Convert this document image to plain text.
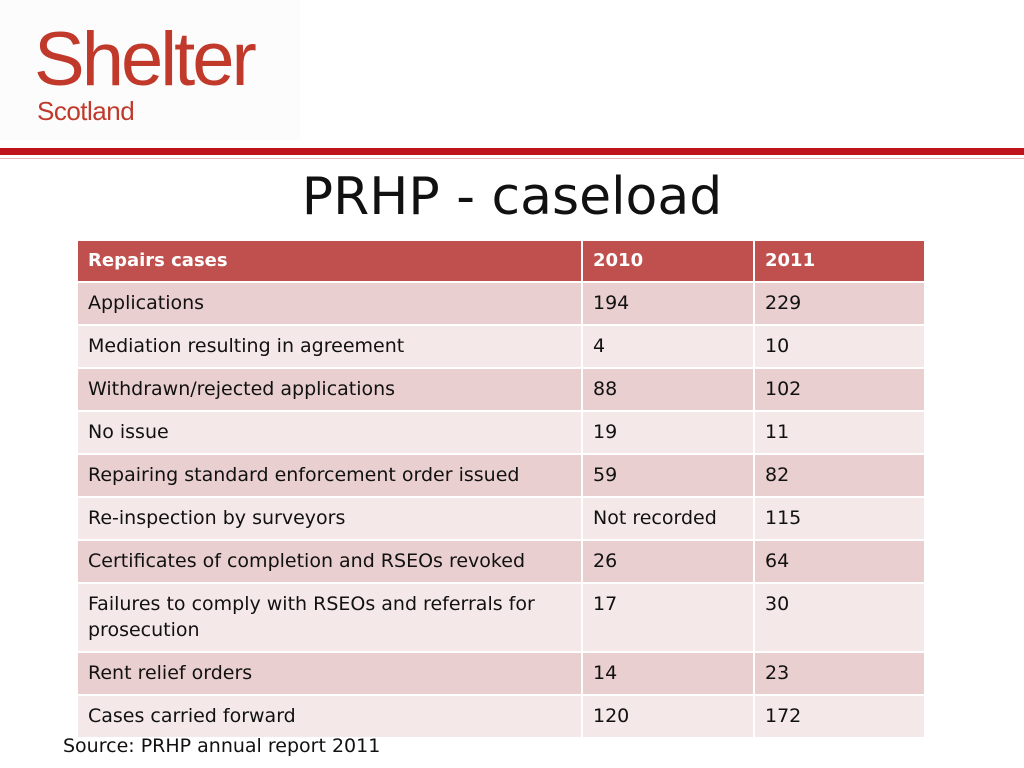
Shelter
Scotland
PRHP - caseload
Repairs cases	2010	2011
Applications	194	229
Mediation resulting in agreement	4	10
Withdrawn/rejected applications	88	102
No issue	19	11
Repairing standard enforcement order issued	59	82
Re-inspection by surveyors	Not recorded	115
Certificates of completion and RSEOs revoked	26	64
Failures to comply with RSEOs and referrals for prosecution	17	30
Rent relief orders	14	23
Cases carried forward	120	172
Source: PRHP annual report 2011
